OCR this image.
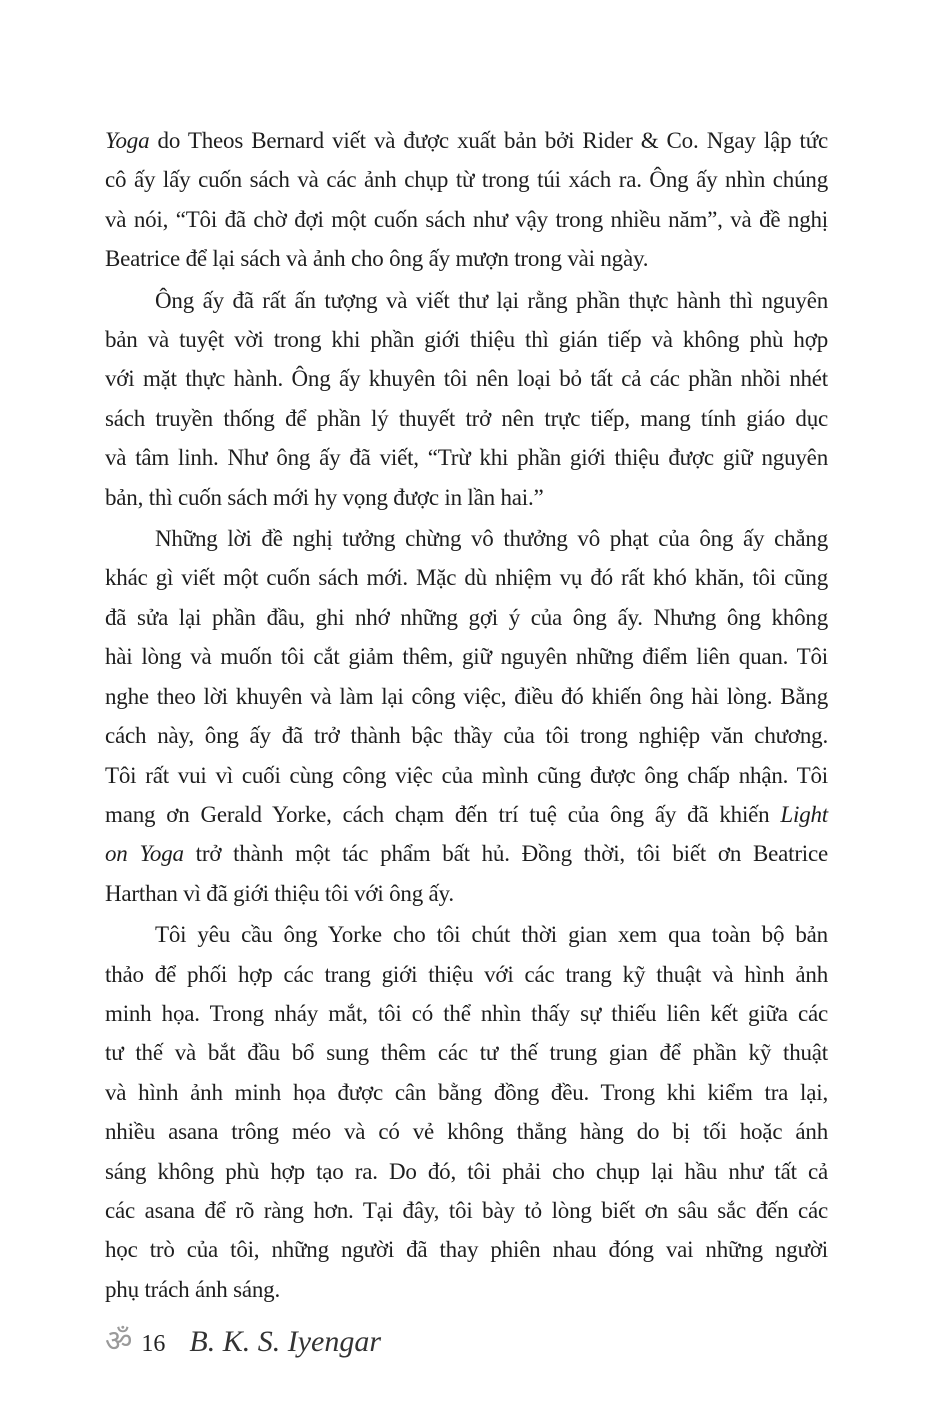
Yoga do Theos Bernard viết và được xuất bản bởi Rider & Co. Ngay lập tức
cô ấy lấy cuốn sách và các ảnh chụp từ trong túi xách ra. Ông ấy nhìn chúng
và nói, “Tôi đã chờ đợi một cuốn sách như vậy trong nhiều năm”, và đề nghị
Beatrice để lại sách và ảnh cho ông ấy mượn trong vài ngày.
Ông ấy đã rất ấn tượng và viết thư lại rằng phần thực hành thì nguyên
bản và tuyệt vời trong khi phần giới thiệu thì gián tiếp và không phù hợp
với mặt thực hành. Ông ấy khuyên tôi nên loại bỏ tất cả các phần nhồi nhét
sách truyền thống để phần lý thuyết trở nên trực tiếp, mang tính giáo dục
và tâm linh. Như ông ấy đã viết, “Trừ khi phần giới thiệu được giữ nguyên
bản, thì cuốn sách mới hy vọng được in lần hai.”
Những lời đề nghị tưởng chừng vô thưởng vô phạt của ông ấy chẳng
khác gì viết một cuốn sách mới. Mặc dù nhiệm vụ đó rất khó khăn, tôi cũng
đã sửa lại phần đầu, ghi nhớ những gợi ý của ông ấy. Nhưng ông không
hài lòng và muốn tôi cắt giảm thêm, giữ nguyên những điểm liên quan. Tôi
nghe theo lời khuyên và làm lại công việc, điều đó khiến ông hài lòng. Bằng
cách này, ông ấy đã trở thành bậc thầy của tôi trong nghiệp văn chương.
Tôi rất vui vì cuối cùng công việc của mình cũng được ông chấp nhận. Tôi
mang ơn Gerald Yorke, cách chạm đến trí tuệ của ông ấy đã khiến Light
on Yoga trở thành một tác phẩm bất hủ. Đồng thời, tôi biết ơn Beatrice
Harthan vì đã giới thiệu tôi với ông ấy.
Tôi yêu cầu ông Yorke cho tôi chút thời gian xem qua toàn bộ bản
thảo để phối hợp các trang giới thiệu với các trang kỹ thuật và hình ảnh
minh họa. Trong nháy mắt, tôi có thể nhìn thấy sự thiếu liên kết giữa các
tư thế và bắt đầu bổ sung thêm các tư thế trung gian để phần kỹ thuật
và hình ảnh minh họa được cân bằng đồng đều. Trong khi kiểm tra lại,
nhiều asana trông méo và có vẻ không thẳng hàng do bị tối hoặc ánh
sáng không phù hợp tạo ra. Do đó, tôi phải cho chụp lại hầu như tất cả
các asana để rõ ràng hơn. Tại đây, tôi bày tỏ lòng biết ơn sâu sắc đến các
học trò của tôi, những người đã thay phiên nhau đóng vai những người
phụ trách ánh sáng.
ॐ 16 B. K. S. Iyengar
